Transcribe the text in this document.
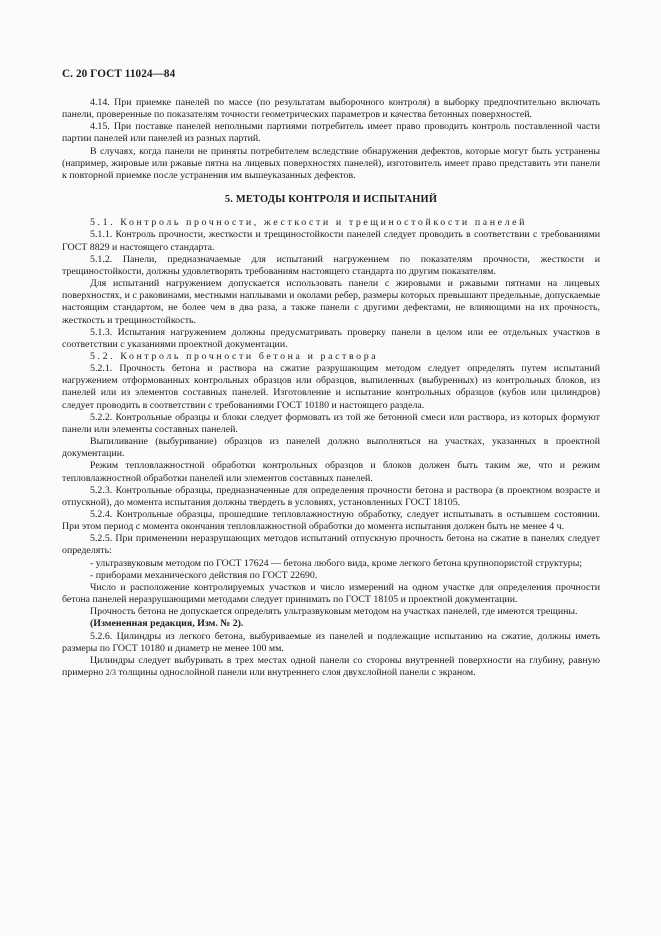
С. 20 ГОСТ 11024—84

4.14. При приемке панелей по массе (по результатам выборочного контроля) в выборку предпочтительно включать панели, проверенные по показателям точности геометрических параметров и качества бетонных поверхностей.

4.15. При поставке панелей неполными партиями потребитель имеет право проводить контроль поставленной части партии панелей или панелей из разных партий.

В случаях, когда панели не приняты потребителем вследствие обнаружения дефектов, которые могут быть устранены (например, жировые или ржавые пятна на лицевых поверхностях панелей), изготовитель имеет право представить эти панели к повторной приемке после устранения им вышеуказанных дефектов.

5. МЕТОДЫ КОНТРОЛЯ И ИСПЫТАНИЙ

5.1. Контроль прочности, жесткости и трещиностойкости панелей

5.1.1. Контроль прочности, жесткости и трещиностойкости панелей следует проводить в соответствии с требованиями ГОСТ 8829 и настоящего стандарта.

5.1.2. Панели, предназначаемые для испытаний нагружением по показателям прочности, жесткости и трещиностойкости, должны удовлетворять требованиям настоящего стандарта по другим показателям.

Для испытаний нагружением допускается использовать панели с жировыми и ржавыми пятнами на лицевых поверхностях, и с раковинами, местными наплывами и околами ребер, размеры которых превышают предельные, допускаемые настоящим стандартом, не более чем в два раза, а также панели с другими дефектами, не влияющими на их прочность, жесткость и трещиностойкость.

5.1.3. Испытания нагружением должны предусматривать проверку панели в целом или ее отдельных участков в соответствии с указаниями проектной документации.

5.2. Контроль прочности бетона и раствора

5.2.1. Прочность бетона и раствора на сжатие разрушающим методом следует определять путем испытаний нагружением отформованных контрольных образцов или образцов, выпиленных (выбуренных) из контрольных блоков, из панелей или из элементов составных панелей. Изготовление и испытание контрольных образцов (кубов или цилиндров) следует проводить в соответствии с требованиями ГОСТ 10180 и настоящего раздела.

5.2.2. Контрольные образцы и блоки следует формовать из той же бетонной смеси или раствора, из которых формуют панели или элементы составных панелей.

Выпиливание (выбуривание) образцов из панелей должно выполняться на участках, указанных в проектной документации.

Режим тепловлажностной обработки контрольных образцов и блоков должен быть таким же, что и режим тепловлажностной обработки панелей или элементов составных панелей.

5.2.3. Контрольные образцы, предназначенные для определения прочности бетона и раствора (в проектном возрасте и отпускной), до момента испытания должны твердеть в условиях, установленных ГОСТ 18105.

5.2.4. Контрольные образцы, прошедшие тепловлажностную обработку, следует испытывать в остывшем состоянии. При этом период с момента окончания тепловлажностной обработки до момента испытания должен быть не менее 4 ч.

5.2.5. При применении неразрушающих методов испытаний отпускную прочность бетона на сжатие в панелях следует определять:

- ультразвуковым методом по ГОСТ 17624 — бетона любого вида, кроме легкого бетона крупнопористой структуры;

- приборами механического действия по ГОСТ 22690.

Число и расположение контролируемых участков и число измерений на одном участке для определения прочности бетона панелей неразрушающими методами следует принимать по ГОСТ 18105 и проектной документации.

Прочность бетона не допускается определять ультразвуковым методом на участках панелей, где имеются трещины.

(Измененная редакция, Изм. № 2).

5.2.6. Цилиндры из легкого бетона, выбуриваемые из панелей и подлежащие испытанию на сжатие, должны иметь размеры по ГОСТ 10180 и диаметр не менее 100 мм.

Цилиндры следует выбуривать в трех местах одной панели со стороны внутренней поверхности на глубину, равную примерно 2/3 толщины однослойной панели или внутреннего слоя двухслойной панели с экраном.
